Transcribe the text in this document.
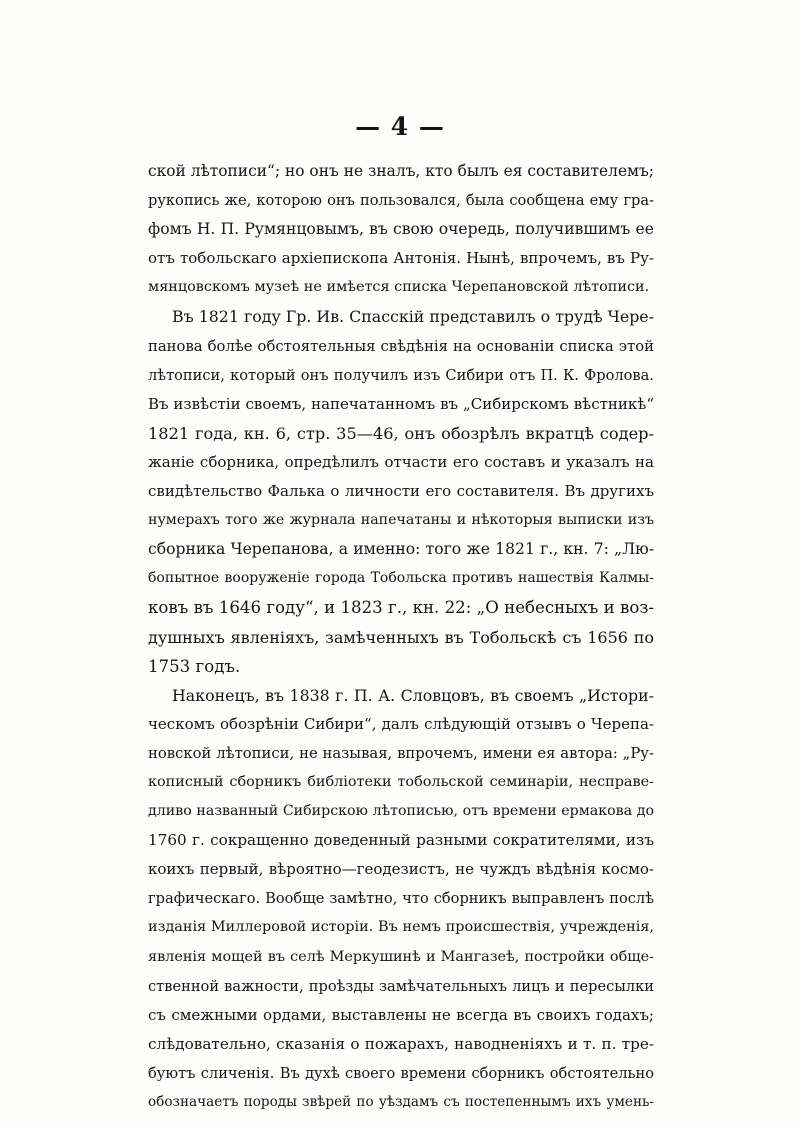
— 4 —

ской лѣтописи“; но онъ не зналъ, кто былъ ея составителемъ;
рукопись же, которою онъ пользовался, была сообщена ему гра-
фомъ Н. П. Румянцовымъ, въ свою очередь, получившимъ ее
отъ тобольскаго архіепископа Антонія. Нынѣ, впрочемъ, въ Ру-
мянцовскомъ музеѣ не имѣется списка Черепановской лѣтописи.
Въ 1821 году Гр. Ив. Спасскій представилъ о трудѣ Чере-
панова болѣе обстоятельныя свѣдѣнія на основаніи списка этой
лѣтописи, который онъ получилъ изъ Сибири отъ П. К. Фролова.
Въ извѣстіи своемъ, напечатанномъ въ „Сибирскомъ вѣстникѣ“
1821 года, кн. 6, стр. 35—46, онъ обозрѣлъ вкратцѣ содер-
жаніе сборника, опредѣлилъ отчасти его составъ и указалъ на
свидѣтельство Фалька о личности его составителя. Въ другихъ
нумерахъ того же журнала напечатаны и нѣкоторыя выписки изъ
сборника Черепанова, а именно: того же 1821 г., кн. 7: „Лю-
бопытное вооруженіе города Тобольска противъ нашествія Калмы-
ковъ въ 1646 году“, и 1823 г., кн. 22: „О небесныхъ и воз-
душныхъ явленіяхъ, замѣченныхъ въ Тобольскѣ съ 1656 по
1753 годъ.
Наконецъ, въ 1838 г. П. А. Словцовъ, въ своемъ „Истори-
ческомъ обозрѣніи Сибири“, далъ слѣдующій отзывъ о Черепа-
новской лѣтописи, не называя, впрочемъ, имени ея автора: „Ру-
кописный сборникъ библіотеки тобольской семинаріи, несправе-
дливо названный Сибирскою лѣтописью, отъ времени ермакова до
1760 г. сокращенно доведенный разными сократителями, изъ
коихъ первый, вѣроятно—геодезистъ, не чуждъ вѣдѣнія космо-
графическаго. Вообще замѣтно, что сборникъ выправленъ послѣ
изданія Миллеровой исторіи. Въ немъ происшествія, учрежденія,
явленія мощей въ селѣ Меркушинѣ и Мангазеѣ, постройки обще-
ственной важности, проѣзды замѣчательныхъ лицъ и пересылки
съ смежными ордами, выставлены не всегда въ своихъ годахъ;
слѣдовательно, сказанія о пожарахъ, наводненіяхъ и т. п. тре-
буютъ сличенія. Въ духѣ своего времени сборникъ обстоятельно
обозначаетъ породы звѣрей по уѣздамъ съ постепеннымъ ихъ умень-
